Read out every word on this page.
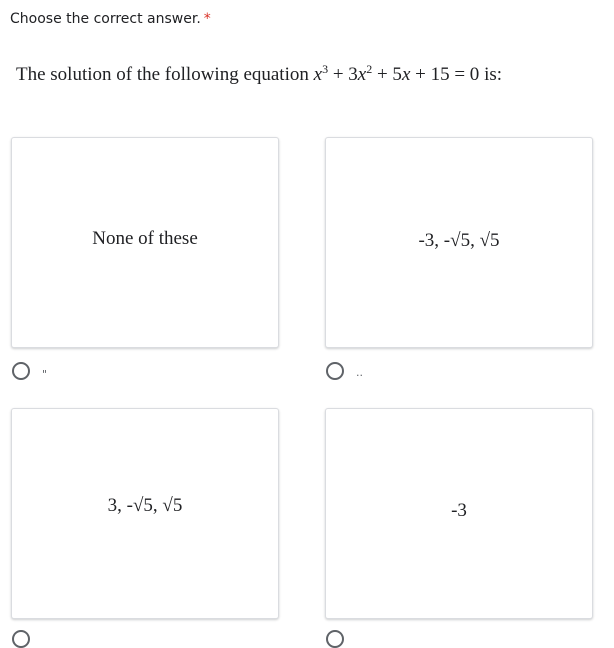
Choose the correct answer. *
The solution of the following equation $x^3 + 3x^2 + 5x + 15 = 0$ is:
None of these
"
-3, -√5, √5
..
3, -√5, √5	-3
